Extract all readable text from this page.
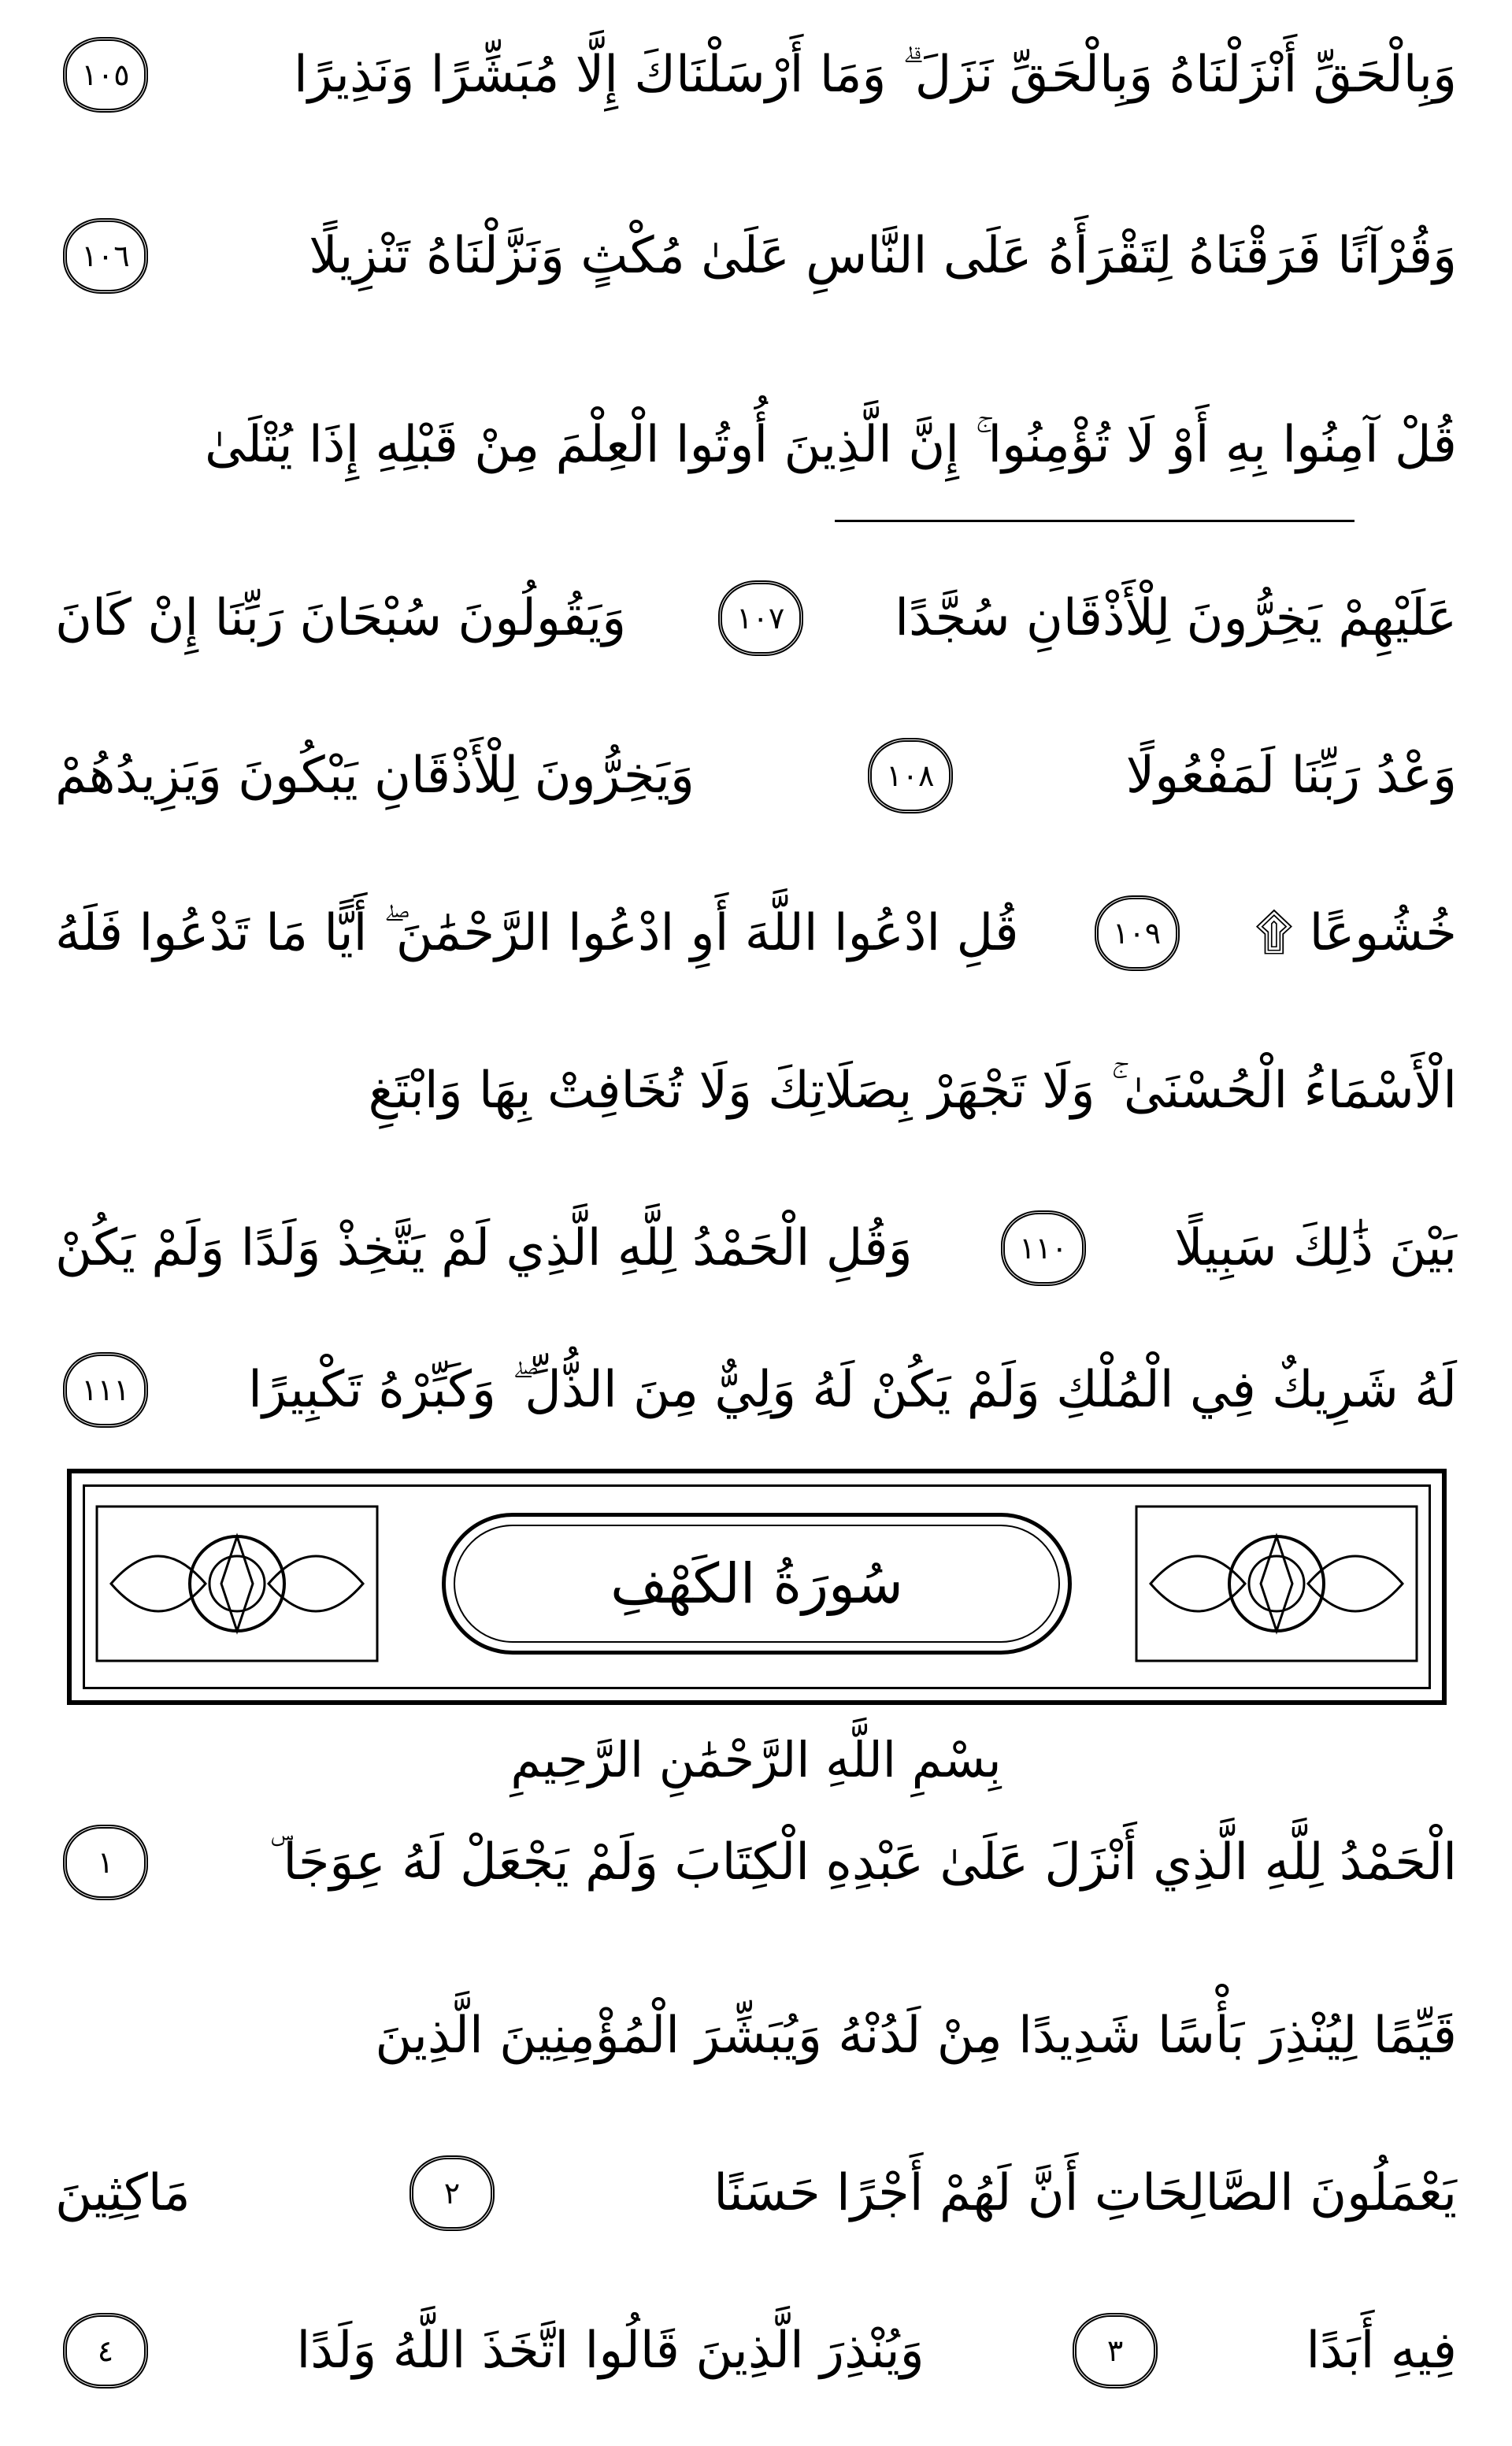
وَبِالْحَقِّ أَنْزَلْنَاهُ وَبِالْحَقِّ نَزَلَ ۗ وَمَا أَرْسَلْنَاكَ إِلَّا مُبَشِّرًا وَنَذِيرًا
١٠٥
وَقُرْآنًا فَرَقْنَاهُ لِتَقْرَأَهُ عَلَى النَّاسِ عَلَىٰ مُكْثٍ وَنَزَّلْنَاهُ تَنْزِيلًا
١٠٦
قُلْ آمِنُوا بِهِ أَوْ لَا تُؤْمِنُوا ۚ إِنَّ الَّذِينَ أُوتُوا الْعِلْمَ مِنْ قَبْلِهِ إِذَا يُتْلَىٰ
عَلَيْهِمْ يَخِرُّونَ لِلْأَذْقَانِ سُجَّدًا
١٠٧
وَيَقُولُونَ سُبْحَانَ رَبِّنَا إِنْ كَانَ
وَعْدُ رَبِّنَا لَمَفْعُولًا
١٠٨
وَيَخِرُّونَ لِلْأَذْقَانِ يَبْكُونَ وَيَزِيدُهُمْ
خُشُوعًا ۩
١٠٩
قُلِ ادْعُوا اللَّهَ أَوِ ادْعُوا الرَّحْمَٰنَ ۖ أَيًّا مَا تَدْعُوا فَلَهُ
الْأَسْمَاءُ الْحُسْنَىٰ ۚ وَلَا تَجْهَرْ بِصَلَاتِكَ وَلَا تُخَافِتْ بِهَا وَابْتَغِ
بَيْنَ ذَٰلِكَ سَبِيلًا
١١٠
وَقُلِ الْحَمْدُ لِلَّهِ الَّذِي لَمْ يَتَّخِذْ وَلَدًا وَلَمْ يَكُنْ
لَهُ شَرِيكٌ فِي الْمُلْكِ وَلَمْ يَكُنْ لَهُ وَلِيٌّ مِنَ الذُّلِّ ۖ وَكَبِّرْهُ تَكْبِيرًا
١١١
سُورَةُ الكَهْفِ
بِسْمِ اللَّهِ الرَّحْمَٰنِ الرَّحِيمِ
الْحَمْدُ لِلَّهِ الَّذِي أَنْزَلَ عَلَىٰ عَبْدِهِ الْكِتَابَ وَلَمْ يَجْعَلْ لَهُ عِوَجَا ۜ
١
قَيِّمًا لِيُنْذِرَ بَأْسًا شَدِيدًا مِنْ لَدُنْهُ وَيُبَشِّرَ الْمُؤْمِنِينَ الَّذِينَ
يَعْمَلُونَ الصَّالِحَاتِ أَنَّ لَهُمْ أَجْرًا حَسَنًا
٢
مَاكِثِينَ
فِيهِ أَبَدًا
٣
وَيُنْذِرَ الَّذِينَ قَالُوا اتَّخَذَ اللَّهُ وَلَدًا
٤
